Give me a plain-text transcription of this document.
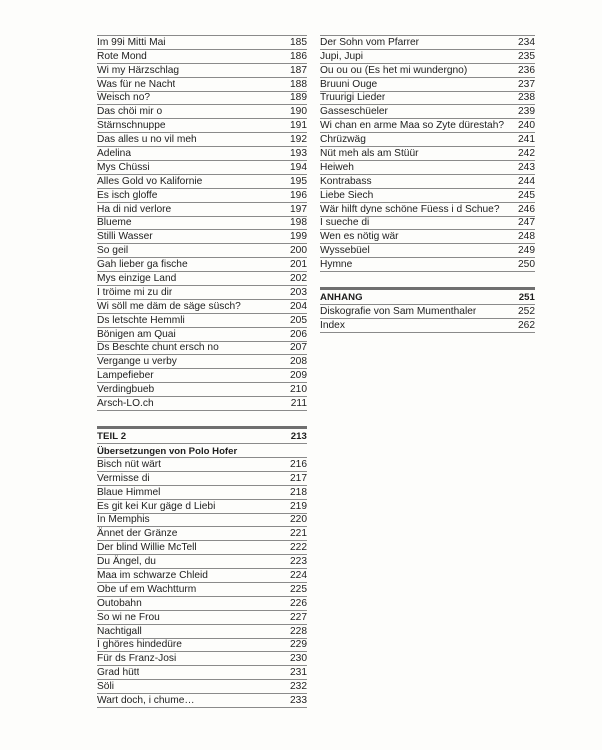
Im 99i Mitti Mai	185
Rote Mond	186
Wi my Härzschlag	187
Was für ne Nacht	188
Weisch no?	189
Das chöi mir o	190
Stärnschnuppe	191
Das alles u no vil meh	192
Adelina	193
Mys Chüssi	194
Alles Gold vo Kalifornie	195
Es isch gloffe	196
Ha di nid verlore	197
Blueme	198
Stilli Wasser	199
So geil	200
Gah lieber ga fische	201
Mys einzige Land	202
I tröime mi zu dir	203
Wi söll me däm de säge süsch?	204
Ds letschte Hemmli	205
Bönigen am Quai	206
Ds Beschte chunt ersch no	207
Vergange u verby	208
Lampefieber	209
Verdingbueb	210
Arsch-LO.ch	211
TEIL 2	213
Übersetzungen von Polo Hofer
Bisch nüt wärt	216
Vermisse di	217
Blaue Himmel	218
Es git kei Kur gäge d Liebi	219
In Memphis	220
Ännet der Gränze	221
Der blind Willie McTell	222
Du Ängel, du	223
Maa im schwarze Chleid	224
Obe uf em Wachtturm	225
Outobahn	226
So wi ne Frou	227
Nachtigall	228
I ghöres hindedüre	229
Für ds Franz-Josi	230
Grad hütt	231
Söli	232
Wart doch, i chume…	233
Der Sohn vom Pfarrer	234
Jupi, Jupi	235
Ou ou ou (Es het mi wundergno)	236
Bruuni Ouge	237
Truurigi Lieder	238
Gasseschüeler	239
Wi chan en arme Maa so Zyte dürestah?	240
Chrüzwäg	241
Nüt meh als am Stüür	242
Heiweh	243
Kontrabass	244
Liebe Siech	245
Wär hilft dyne schöne Füess i d Schue?	246
I sueche di	247
Wen es nötig wär	248
Wyssebüel	249
Hymne	250
ANHANG	251
Diskografie von Sam Mumenthaler	252
Index	262
